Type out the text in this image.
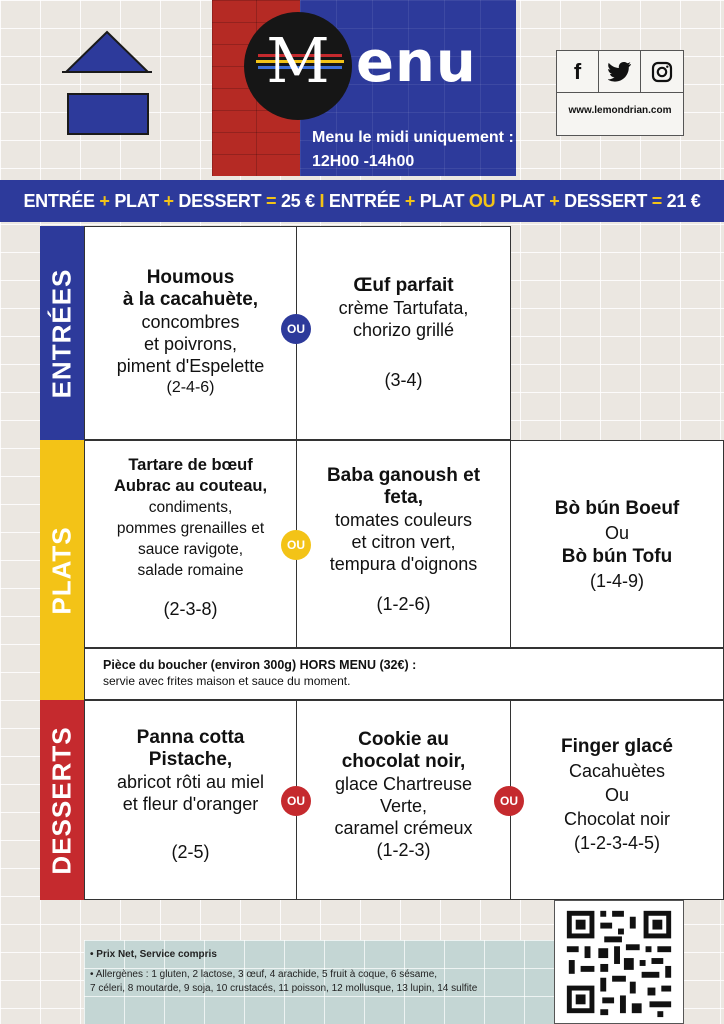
M enu
Menu le midi uniquement :
12H00 -14h00
f
www.lemondrian.com
ENTRÉE
+
PLAT
+
DESSERT
=
25 €
I
ENTRÉE
+
PLAT
OU
PLAT
+
DESSERT
=
21 €
ENTRÉES
PLATS
DESSERTS
Houmous
à la cacahuète,
concombres
et poivrons,
piment d'Espelette
(2-4-6)
Œuf parfait
crème Tartufata,
chorizo grillé
(3-4)
OU
Tartare de bœuf
Aubrac au couteau,
condiments,
pommes grenailles et
sauce ravigote,
salade romaine
(2-3-8)
Baba ganoush et
feta,
tomates couleurs
et citron vert,
tempura d'oignons
(1-2-6)
Bò bún Boeuf
Ou
Bò bún Tofu
(1-4-9)
OU
Pièce du boucher (environ 300g) HORS MENU (32€) :
servie avec frites maison et sauce du moment.
Panna cotta
Pistache,
abricot rôti au miel
et fleur d'oranger
(2-5)
Cookie au
chocolat noir,
glace Chartreuse
Verte,
caramel crémeux
(1-2-3)
Finger glacé
Cacahuètes
Ou
Chocolat noir
(1-2-3-4-5)
OU	OU
• Prix Net, Service compris
• Allergènes : 1 gluten, 2 lactose, 3 œuf, 4 arachide, 5 fruit à coque, 6 sésame,
7 céleri, 8 moutarde, 9 soja, 10 crustacés, 11 poisson, 12 mollusque, 13 lupin, 14 sulfite
